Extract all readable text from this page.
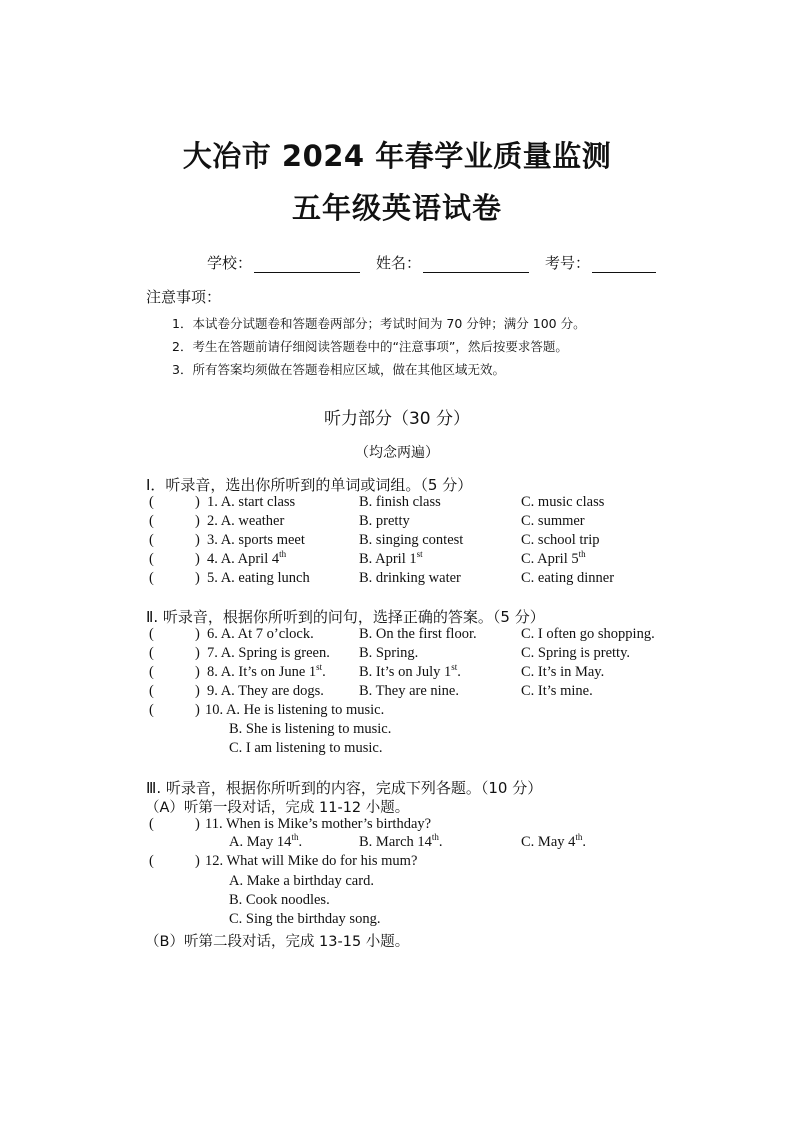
大冶市 2024 年春学业质量监测
五年级英语试卷
学校：	姓名：	考号：
注意事项：
1．本试卷分试题卷和答题卷两部分；考试时间为 70 分钟；满分 100 分。
2．考生在答题前请仔细阅读答题卷中的“注意事项”，然后按要求答题。
3．所有答案均须做在答题卷相应区域，做在其他区域无效。
听力部分（30 分）
（均念两遍）
Ⅰ．听录音，选出你所听到的单词或词组。（5 分）
(	) 1. A. start class	B. finish class	C. music class
(	) 2. A. weather	B. pretty	C. summer
(	) 3. A. sports meet	B. singing contest	C. school trip
(	) 4. A. April 4th	B. April 1st	C. April 5th
(	) 5. A. eating lunch	B. drinking water	C. eating dinner
Ⅱ. 听录音，根据你所听到的问句，选择正确的答案。（5 分）
(	) 6. A. At 7 o’clock.	B. On the first floor.	C. I often go shopping.
(	) 7. A. Spring is green. B. Spring.	C. Spring is pretty.
(	) 8. A. It’s on June 1st. B. It’s on July 1st.	C. It’s in May.
(	) 9. A. They are dogs. B. They are nine.	C. It’s mine.
(	) 10. A. He is listening to music.
B. She is listening to music.
C. I am listening to music.
Ⅲ. 听录音，根据你所听到的内容，完成下列各题。（10 分）
（A）听第一段对话，完成 11-12 小题。
(	) 11. When is Mike’s mother’s birthday?
A. May 14th.	B. March 14th.	C. May 4th.
(	) 12. What will Mike do for his mum?
A. Make a birthday card.
B. Cook noodles.
C. Sing the birthday song.
（B）听第二段对话，完成 13-15 小题。
